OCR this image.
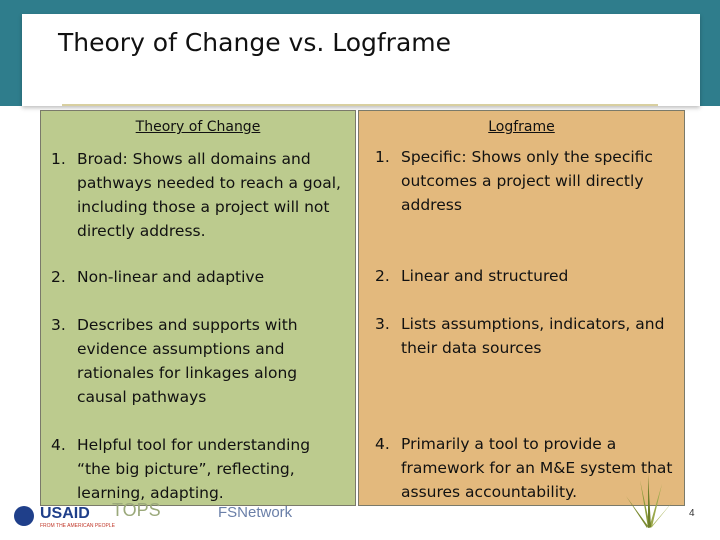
Theory of Change vs. Logframe
Theory of Change
1. Broad: Shows all domains and pathways needed to reach a goal, including those a project will not directly address.
2. Non-linear and adaptive
3. Describes and supports with evidence assumptions and rationales for linkages along causal pathways
4. Helpful tool for understanding “the big picture”, reflecting, learning, adapting.
Logframe
1. Specific: Shows only the specific outcomes a project will directly address
2. Linear and structured
3. Lists assumptions, indicators, and their data sources
4. Primarily a tool to provide a framework for an M&E system that assures accountability.
USAID
FROM THE AMERICAN PEOPLE
TOPS	FSNetwork	4
